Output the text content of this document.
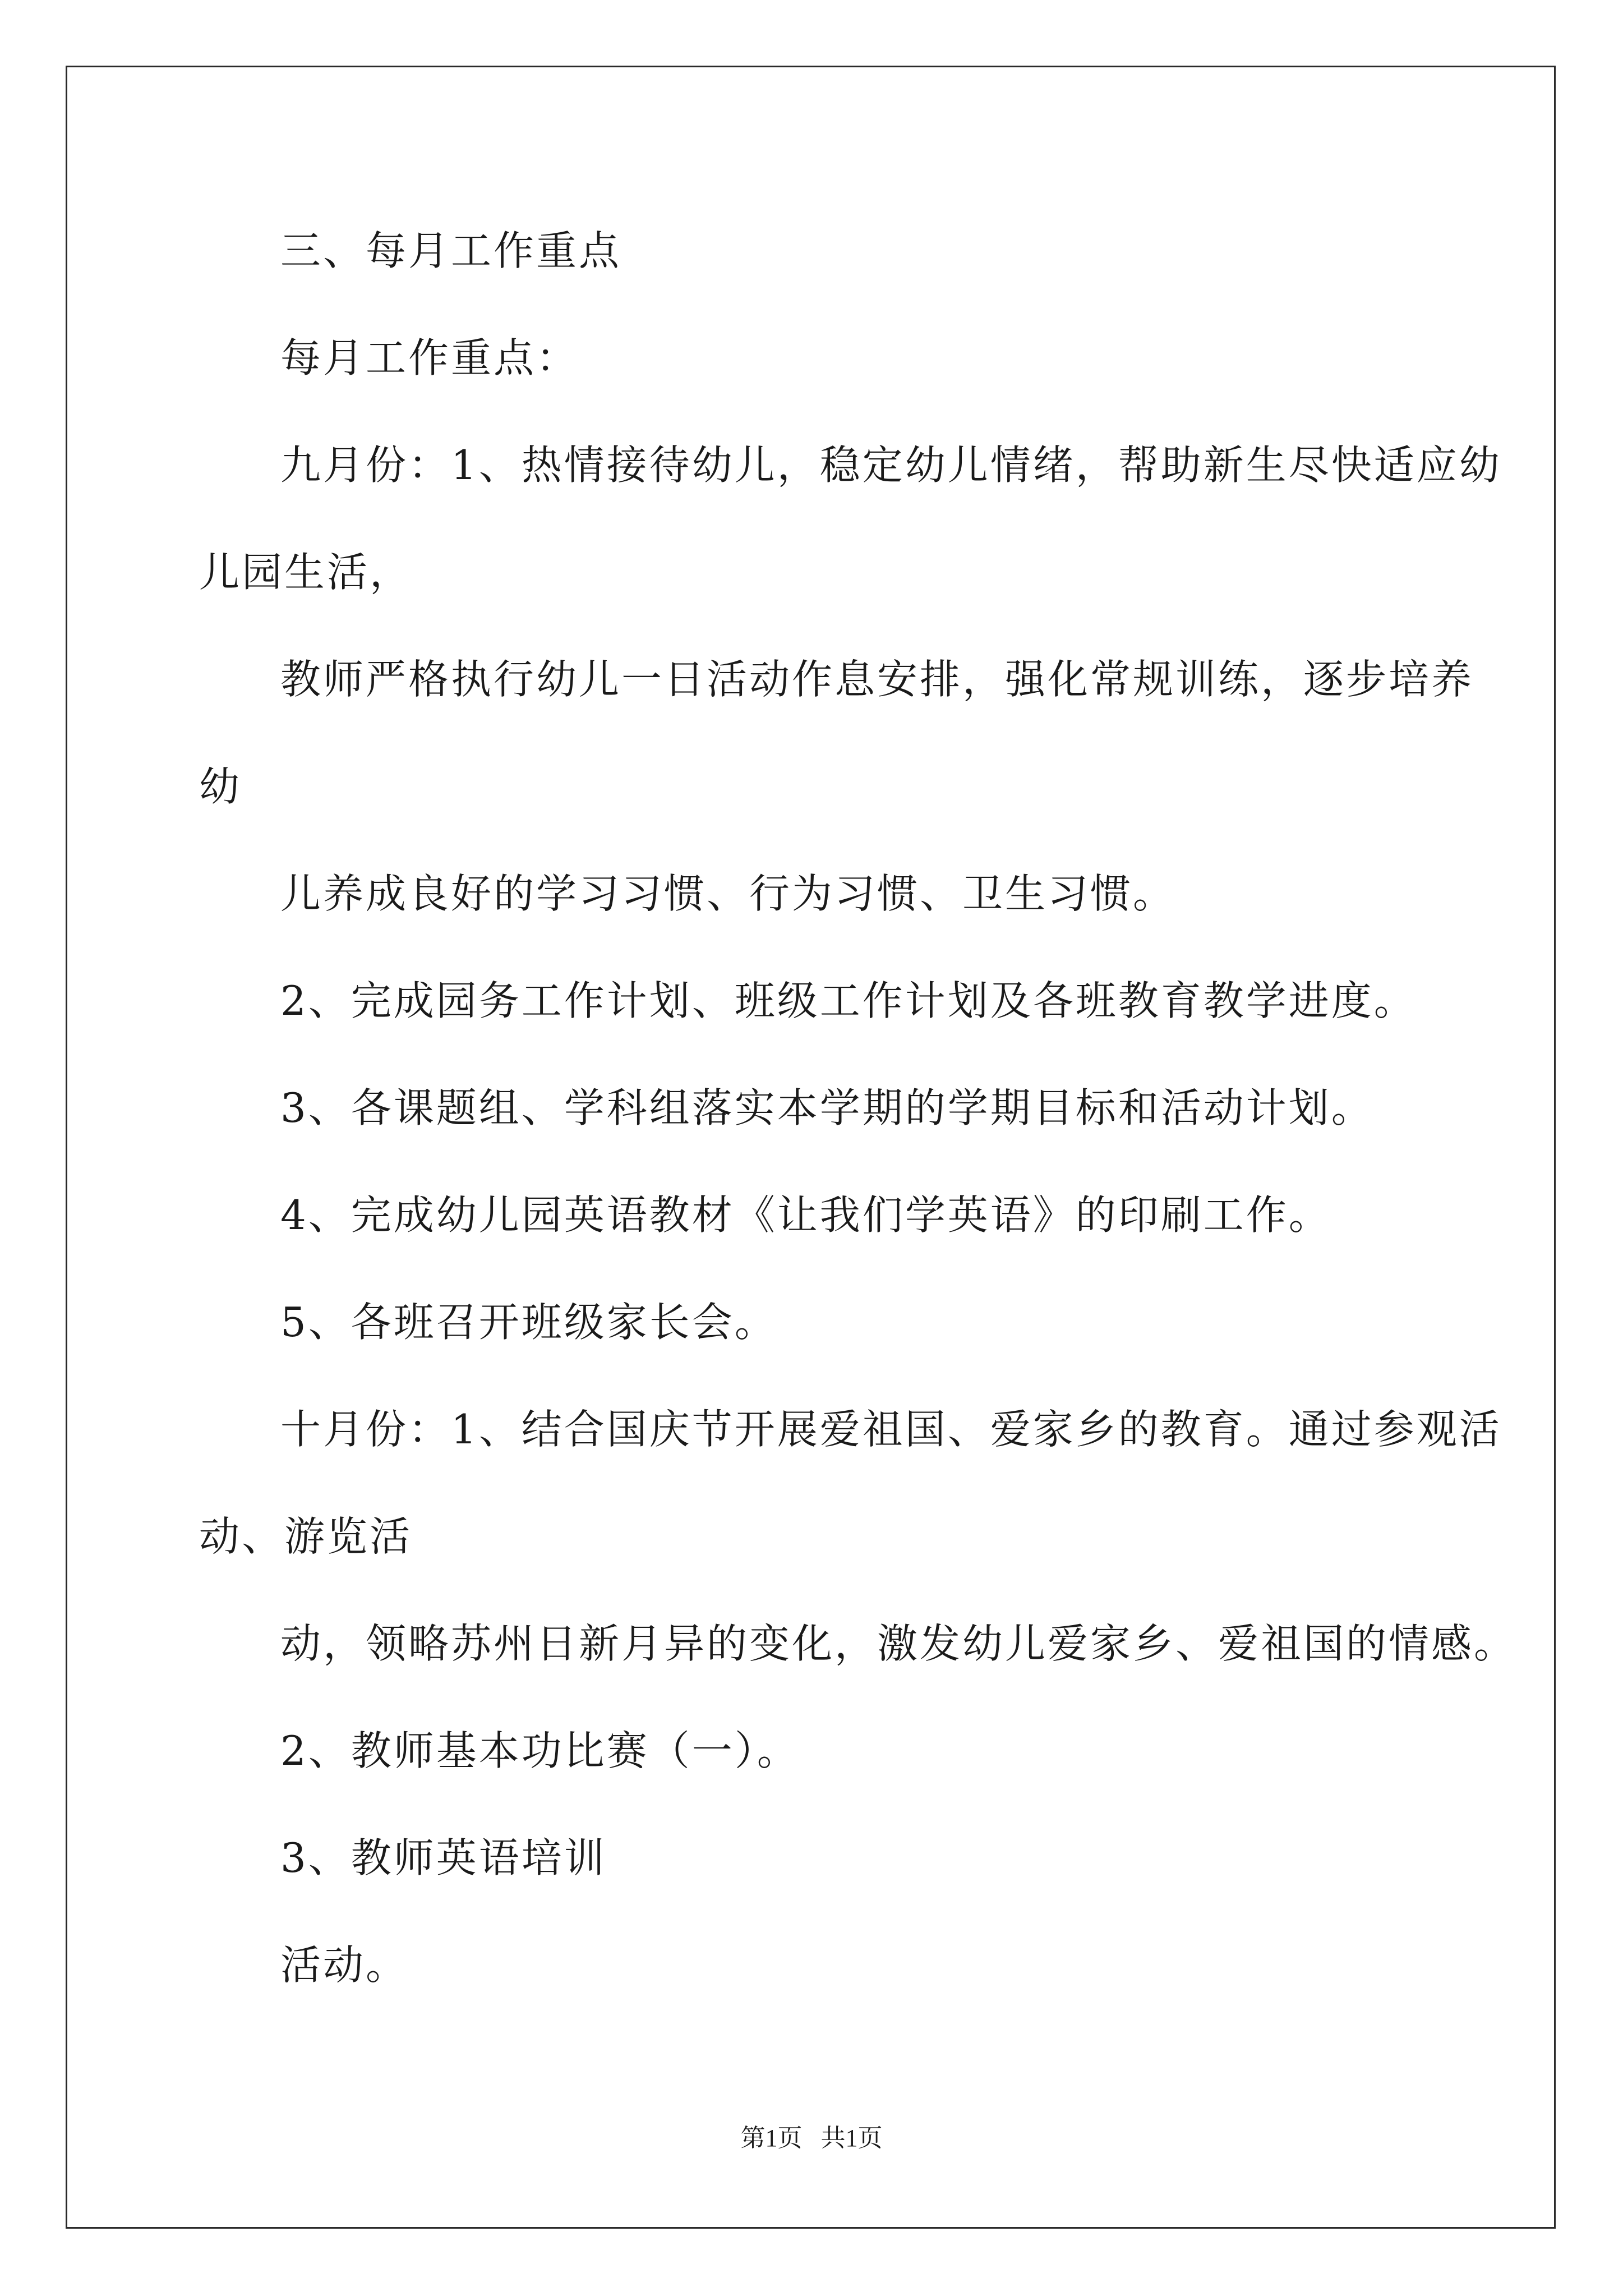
三、每月工作重点
每月工作重点：
九月份：1、热情接待幼儿，稳定幼儿情绪，帮助新生尽快适应幼
儿园生活，
教师严格执行幼儿一日活动作息安排，强化常规训练，逐步培养
幼
儿养成良好的学习习惯、行为习惯、卫生习惯。
2、完成园务工作计划、班级工作计划及各班教育教学进度。
3、各课题组、学科组落实本学期的学期目标和活动计划。
4、完成幼儿园英语教材《让我们学英语》的印刷工作。
5、各班召开班级家长会。
十月份：1、结合国庆节开展爱祖国、爱家乡的教育。通过参观活
动、游览活
动，领略苏州日新月异的变化，激发幼儿爱家乡、爱祖国的情感。
2、教师基本功比赛（一）。
3、教师英语培训
活动。
第1页   共1页
